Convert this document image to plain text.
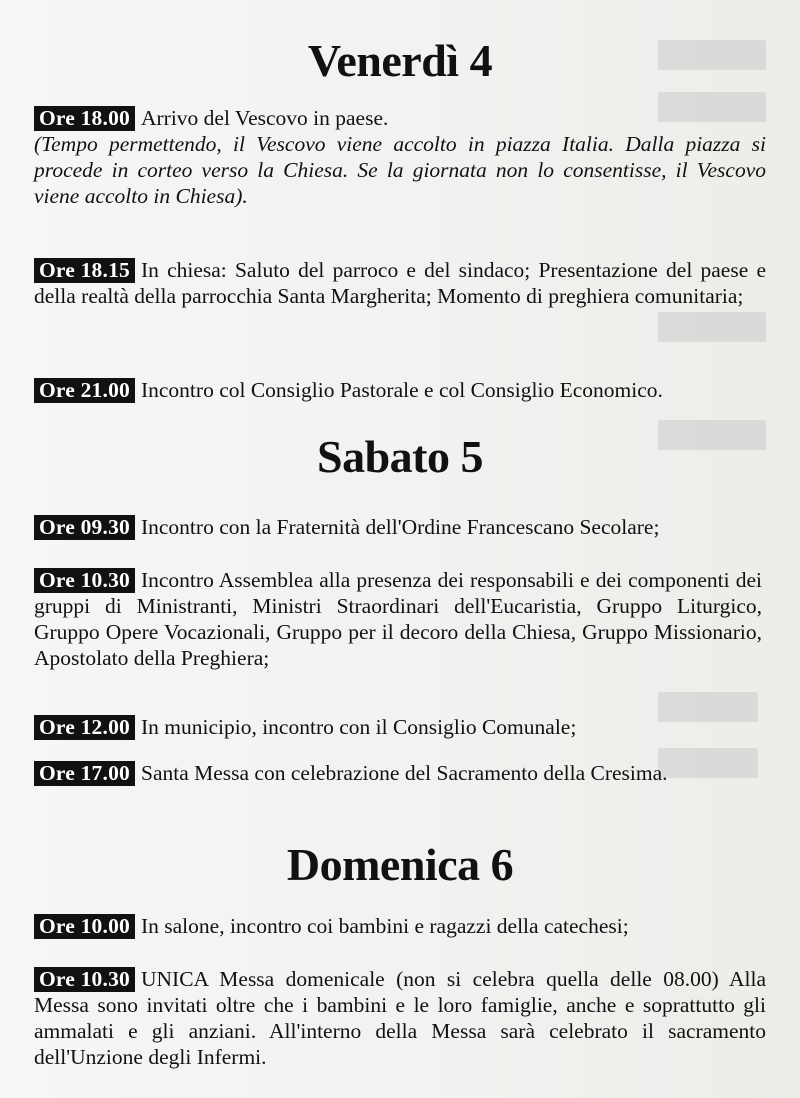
Venerdì 4

Ore 18.00 Arrivo del Vescovo in paese.
(Tempo permettendo, il Vescovo viene accolto in piazza Italia. Dalla piazza si procede in corteo verso la Chiesa. Se la giornata non lo consentisse, il Vescovo viene accolto in Chiesa).

Ore 18.15 In chiesa: Saluto del parroco e del sindaco; Presentazione del paese e della realtà della parrocchia Santa Margherita; Momento di preghiera comunitaria;

Ore 21.00 Incontro col Consiglio Pastorale e col Consiglio Economico.

Sabato 5

Ore 09.30 Incontro con la Fraternità dell'Ordine Francescano Secolare;

Ore 10.30 Incontro Assemblea alla presenza dei responsabili e dei componenti dei gruppi di Ministranti, Ministri Straordinari dell'Eucaristia, Gruppo Liturgico, Gruppo Opere Vocazionali, Gruppo per il decoro della Chiesa, Gruppo Missionario, Apostolato della Preghiera;

Ore 12.00 In municipio, incontro con il Consiglio Comunale;

Ore 17.00 Santa Messa con celebrazione del Sacramento della Cresima.

Domenica 6

Ore 10.00 In salone, incontro coi bambini e ragazzi della catechesi;

Ore 10.30 UNICA Messa domenicale (non si celebra quella delle 08.00) Alla Messa sono invitati oltre che i bambini e le loro famiglie, anche e soprattutto gli ammalati e gli anziani. All'interno della Messa sarà celebrato il sacramento dell'Unzione degli Infermi.
